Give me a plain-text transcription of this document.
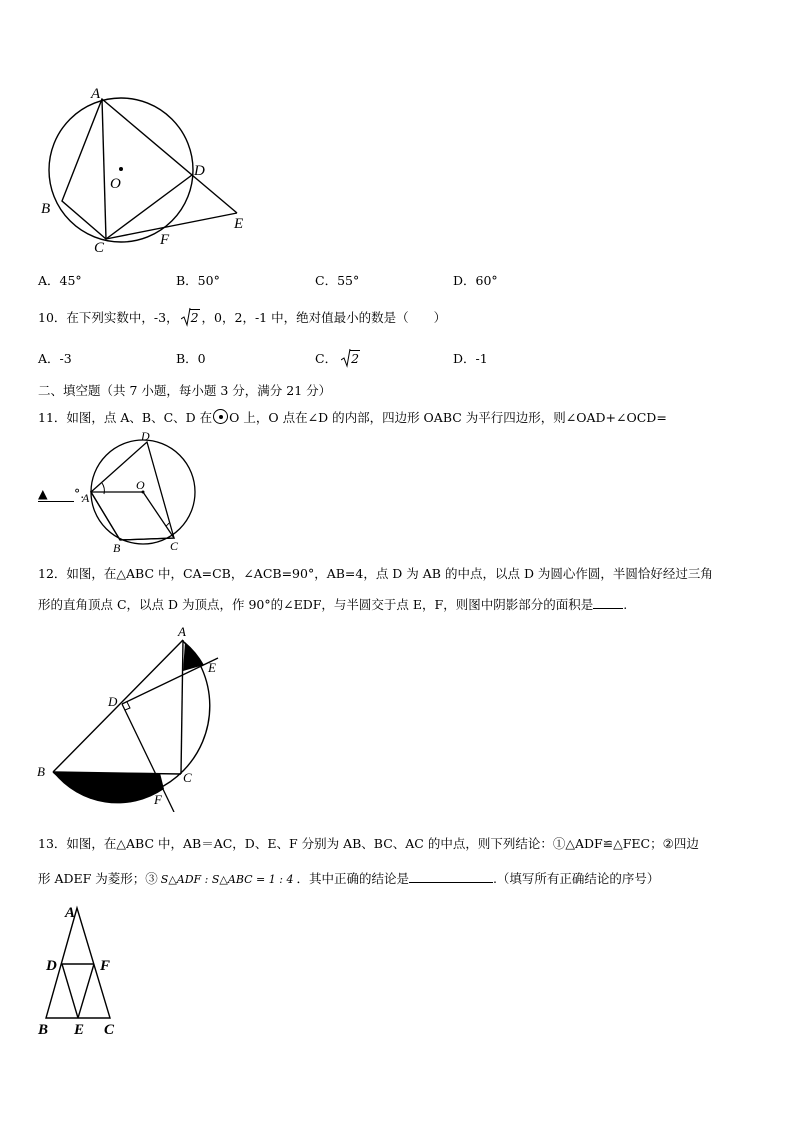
A
B
C
D
E
F
O
A．45°	B．50°	C．55°	D．60°
10．在下列实数中，-3， 2 ，0，2，-1 中，绝对值最小的数是（　　）
A．-3	B．0	C． 2	D．-1
二、填空题（共 7 小题，每小题 3 分，满分 21 分）
11．如图，点 A、B、C、D 在 O 上，O 点在∠D 的内部，四边形 OABC 为平行四边形，则∠OAD+∠OCD=
▲ °.
A
B	C
D
O
12．如图，在△ABC 中，CA=CB，∠ACB=90°，AB=4，点 D 为 AB 的中点，以点 D 为圆心作圆，半圆恰好经过三角
形的直角顶点 C，以点 D 为顶点，作 90°的∠EDF，与半圆交于点 E，F，则图中阴影部分的面积是 .
A
B	C
D
E
F
13．如图，在△ABC 中，AB＝AC，D、E、F 分别为 AB、BC、AC 的中点，则下列结论：①△ADF≌△FEC；②四边
形 ADEF 为菱形；③ S△ADF : S△ABC = 1 : 4 ．其中正确的结论是	.（填写所有正确结论的序号）
A
B	C
D
E
F
